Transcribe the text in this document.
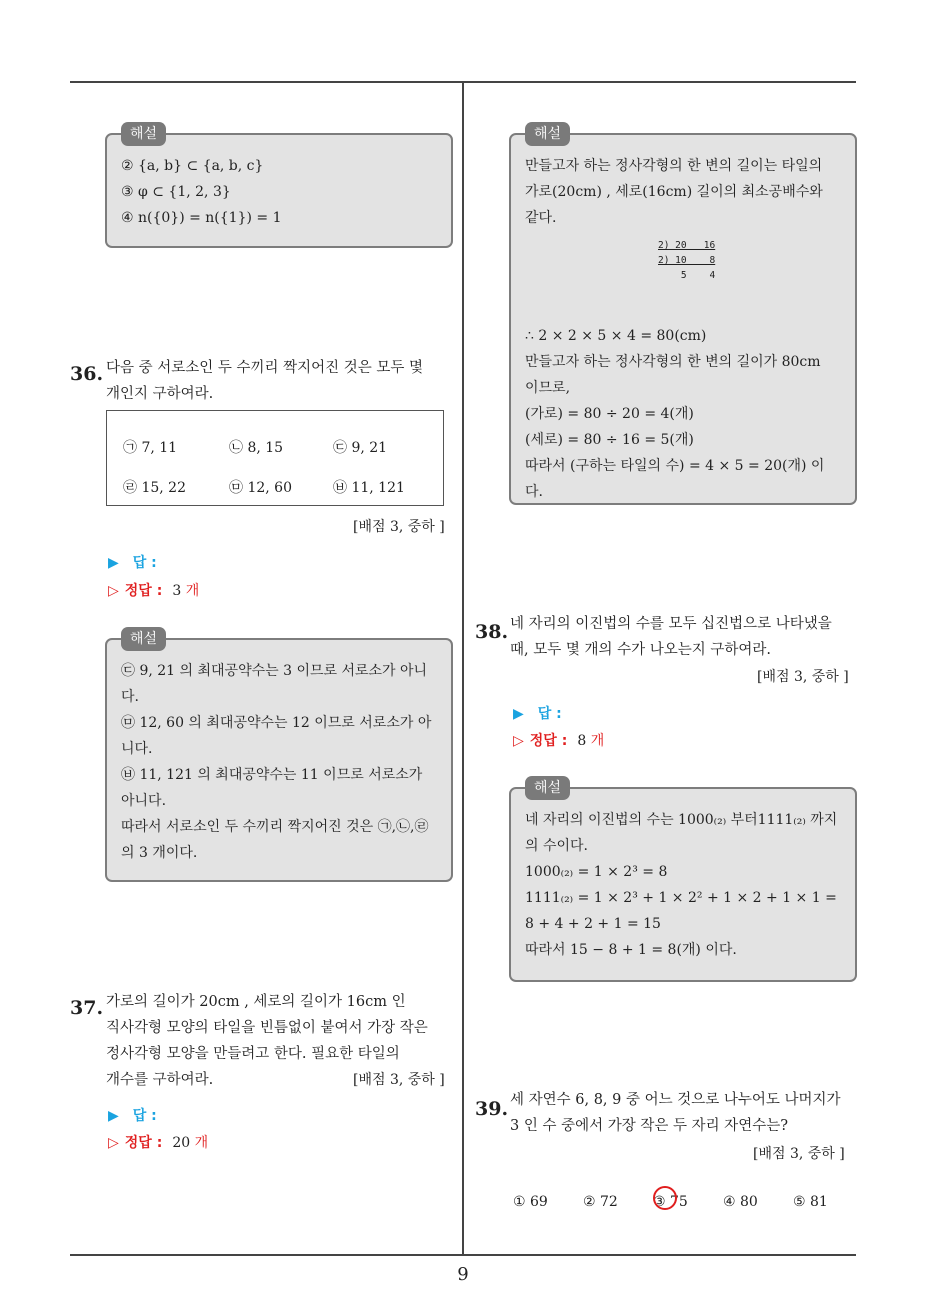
해설

② {a, b} ⊂ {a, b, c}

③ φ ⊂ {1, 2, 3}

④ n({0}) = n({1}) = 1

36. 다음 중 서로소인 두 수끼리 짝지어진 것은 모두 몇

개인지 구하여라.

㉠ 7, 11	㉡ 8, 15	㉢ 9, 21
㉣ 15, 22	㉤ 12, 60	㉥ 11, 121
[배점 3, 중하 ]
▶ 답 :
▷ 정답 : 3 개
해설

㉢ 9, 21 의 최대공약수는 3 이므로 서로소가 아니

다.

㉤ 12, 60 의 최대공약수는 12 이므로 서로소가 아

니다.

㉥ 11, 121 의 최대공약수는 11 이므로 서로소가

아니다.

따라서 서로소인 두 수끼리 짝지어진 것은 ㉠,㉡,㉣

의 3 개이다.

37. 가로의 길이가 20cm , 세로의 길이가 16cm 인

직사각형 모양의 타일을 빈틈없이 붙여서 가장 작은

정사각형 모양을 만들려고 한다. 필요한 타일의

개수를 구하여라.	[배점 3, 중하 ]
▶ 답 :
▷ 정답 : 20 개
해설

만들고자 하는 정사각형의 한 변의 길이는 타일의

가로(20cm) , 세로(16cm) 길이의 최소공배수와

같다.

∴ 2 × 2 × 5 × 4 = 80(cm)

만들고자 하는 정사각형의 한 변의 길이가 80cm

이므로,

(가로) = 80 ÷ 20 = 4(개)

(세로) = 80 ÷ 16 = 5(개)

따라서 (구하는 타일의 수) = 4 × 5 = 20(개) 이

다.

2) 20   16
2) 10    8
5    4
38. 네 자리의 이진법의 수를 모두 십진법으로 나타냈을

때, 모두 몇 개의 수가 나오는지 구하여라.

[배점 3, 중하 ]
▶ 답 :
▷ 정답 : 8 개
해설

네 자리의 이진법의 수는 1000₍₂₎ 부터1111₍₂₎ 까지

의 수이다.

1000₍₂₎ = 1 × 2³ = 8

1111₍₂₎ = 1 × 2³ + 1 × 2² + 1 × 2 + 1 × 1 =

8 + 4 + 2 + 1 = 15

따라서 15 − 8 + 1 = 8(개) 이다.

39. 세 자연수 6, 8, 9 중 어느 것으로 나누어도 나머지가

3 인 수 중에서 가장 작은 두 자리 자연수는?

[배점 3, 중하 ]
① 69	② 72	③ 75	④ 80	⑤ 81
9
